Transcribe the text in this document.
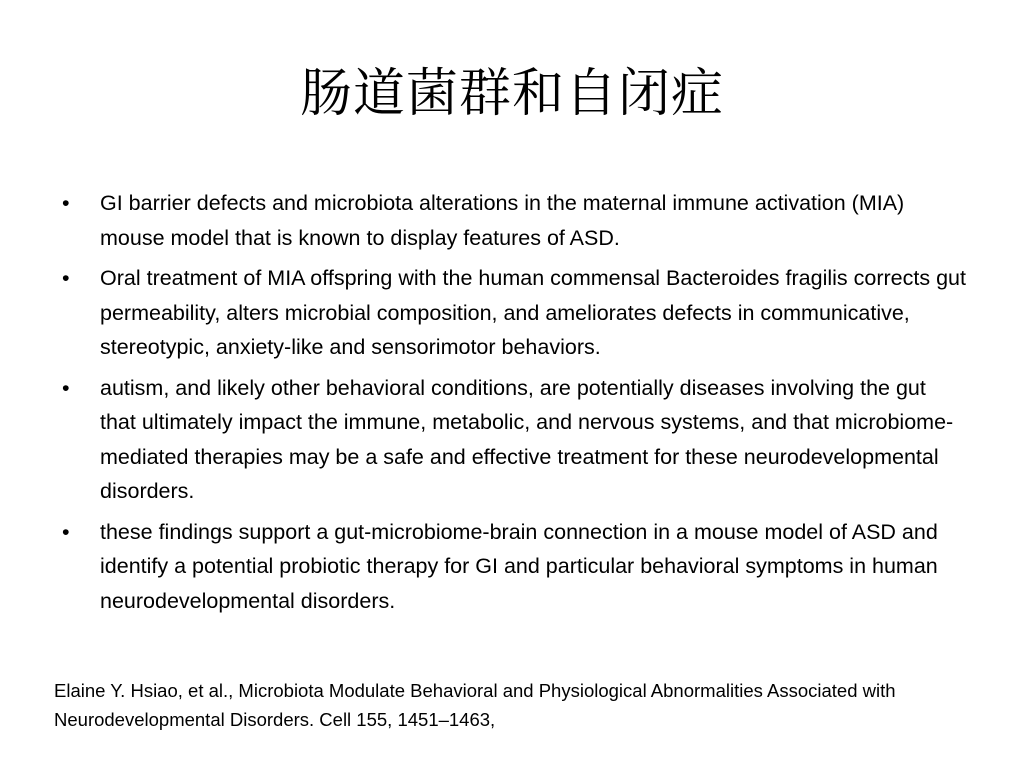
肠道菌群和自闭症
•
GI barrier defects and microbiota alterations in the maternal immune activation (MIA) mouse model that is known to display features of ASD.
•
Oral treatment of MIA offspring with the human commensal Bacteroides fragilis corrects gut permeability, alters microbial composition, and ameliorates defects in communicative, stereotypic, anxiety-like and sensorimotor behaviors.
•
autism, and likely other behavioral conditions, are potentially diseases involving the gut that ultimately impact the immune, metabolic, and nervous systems, and that microbiome-mediated therapies may be a safe and effective treatment for these neurodevelopmental disorders.
•
these findings support a gut-microbiome-brain connection in a mouse model of ASD and identify a potential probiotic therapy for GI and particular behavioral symptoms in human neurodevelopmental disorders.
Elaine Y. Hsiao, et al., Microbiota Modulate Behavioral and Physiological Abnormalities Associated with Neurodevelopmental Disorders. Cell 155, 1451–1463,
